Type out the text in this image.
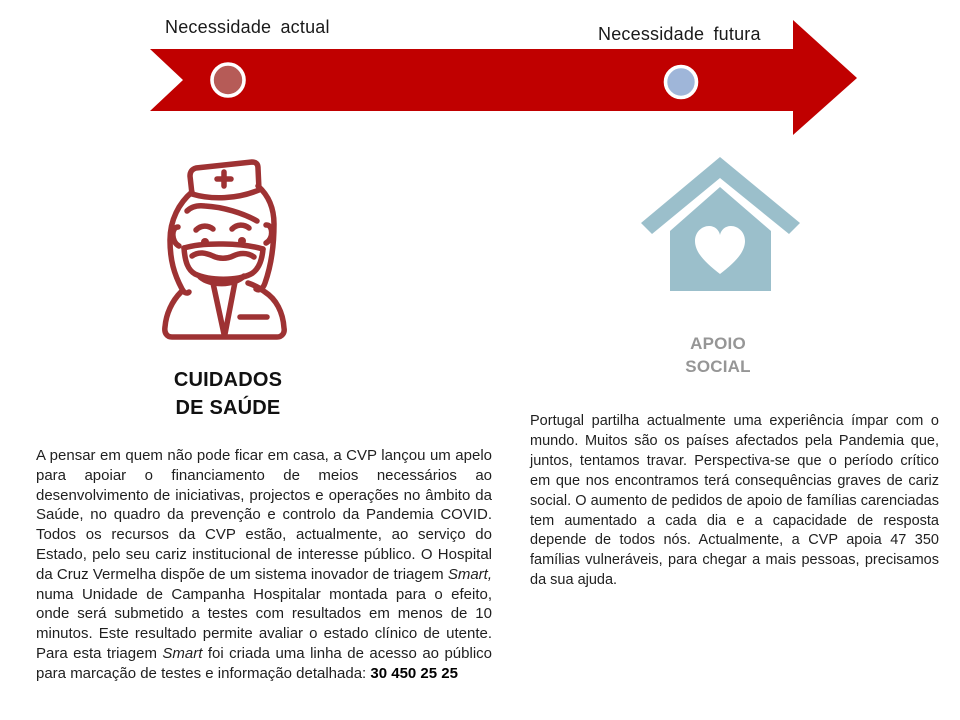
Necessidade actual	Necessidade futura
CUIDADOS
DE SAÚDE
APOIO
SOCIAL

A pensar em quem não pode ficar em casa, a CVP lançou um apelo para apoiar o financiamento de meios necessários ao desenvolvimento de iniciativas, projectos e operações no âmbito da Saúde, no quadro da prevenção e controlo da Pandemia COVID. Todos os recursos da CVP estão, actualmente, ao serviço do Estado, pelo seu cariz institucional de interesse público. O Hospital da Cruz Vermelha dispõe de um sistema inovador de triagem Smart, numa Unidade de Campanha Hospitalar montada para o efeito, onde será submetido a testes com resultados em menos de 10 minutos. Este resultado permite avaliar o estado clínico de utente. Para esta triagem Smart foi criada uma linha de acesso ao público para marcação de testes e informação detalhada: 30 450 25 25

Portugal partilha actualmente uma experiência ímpar com o mundo. Muitos são os países afectados pela Pandemia que, juntos, tentamos travar. Perspectiva-se que o período crítico em que nos encontramos terá consequências graves de cariz social. O aumento de pedidos de apoio de famílias carenciadas tem aumentado a cada dia e a capacidade de resposta depende de todos nós. Actualmente, a CVP apoia 47 350 famílias vulneráveis, para chegar a mais pessoas, precisamos da sua ajuda.
